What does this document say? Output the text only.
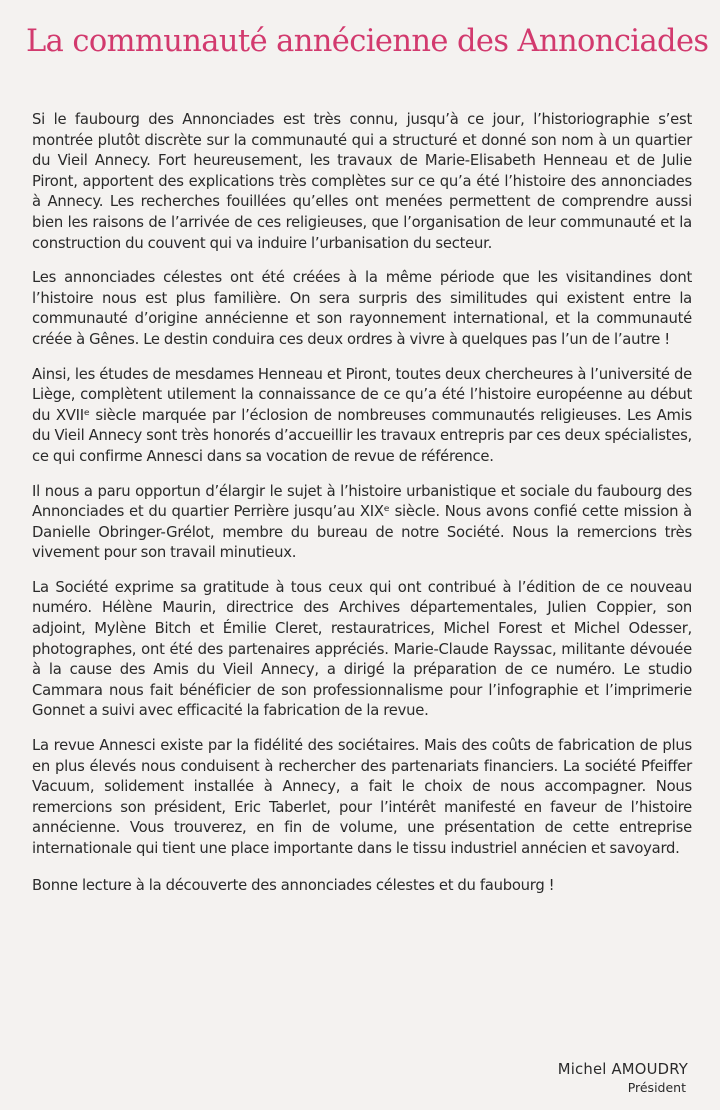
La communauté annécienne des Annonciades

Si le faubourg des Annonciades est très connu, jusqu’à ce jour, l’historiographie s’est montrée plutôt discrète sur la communauté qui a structuré et donné son nom à un quartier du Vieil Annecy. Fort heureusement, les travaux de Marie-Elisabeth Henneau et de Julie Piront, apportent des explications très complètes sur ce qu’a été l’histoire des annonciades à Annecy. Les recherches fouillées qu’elles ont menées permettent de comprendre aussi bien les raisons de l’arrivée de ces religieuses, que l’organisation de leur communauté et la construction du couvent qui va induire l’urbanisation du secteur.

Les annonciades célestes ont été créées à la même période que les visitandines dont l’histoire nous est plus familière. On sera surpris des similitudes qui existent entre la communauté d’origine annécienne et son rayonnement international, et la communauté créée à Gênes. Le destin conduira ces deux ordres à vivre à quelques pas l’un de l’autre !

Ainsi, les études de mesdames Henneau et Piront, toutes deux chercheures à l’université de Liège, complètent utilement la connaissance de ce qu’a été l’histoire européenne au début du XVIIᵉ siècle marquée par l’éclosion de nombreuses communautés religieuses. Les Amis du Vieil Annecy sont très honorés d’accueillir les travaux entrepris par ces deux spécialistes, ce qui confirme Annesci dans sa vocation de revue de référence.

Il nous a paru opportun d’élargir le sujet à l’histoire urbanistique et sociale du faubourg des Annonciades et du quartier Perrière jusqu’au XIXᵉ siècle. Nous avons confié cette mission à Danielle Obringer-Grélot, membre du bureau de notre Société. Nous la remercions très vivement pour son travail minutieux.

La Société exprime sa gratitude à tous ceux qui ont contribué à l’édition de ce nouveau numéro. Hélène Maurin, directrice des Archives départementales, Julien Coppier, son adjoint, Mylène Bitch et Émilie Cleret, restauratrices, Michel Forest et Michel Odesser, photographes, ont été des partenaires appréciés. Marie-Claude Rayssac, militante dévouée à la cause des Amis du Vieil Annecy, a dirigé la préparation de ce numéro. Le studio Cammara nous fait bénéficier de son professionnalisme pour l’infographie et l’imprimerie Gonnet a suivi avec efficacité la fabrication de la revue.

La revue Annesci existe par la fidélité des sociétaires. Mais des coûts de fabrication de plus en plus élevés nous conduisent à rechercher des partenariats financiers. La société Pfeiffer Vacuum, solidement installée à Annecy, a fait le choix de nous accompagner. Nous remercions son président, Eric Taberlet, pour l’intérêt manifesté en faveur de l’histoire annécienne. Vous trouverez, en fin de volume, une présentation de cette entreprise internationale qui tient une place importante dans le tissu industriel annécien et savoyard.

Bonne lecture à la découverte des annonciades célestes et du faubourg !

Michel AMOUDRY
Président
